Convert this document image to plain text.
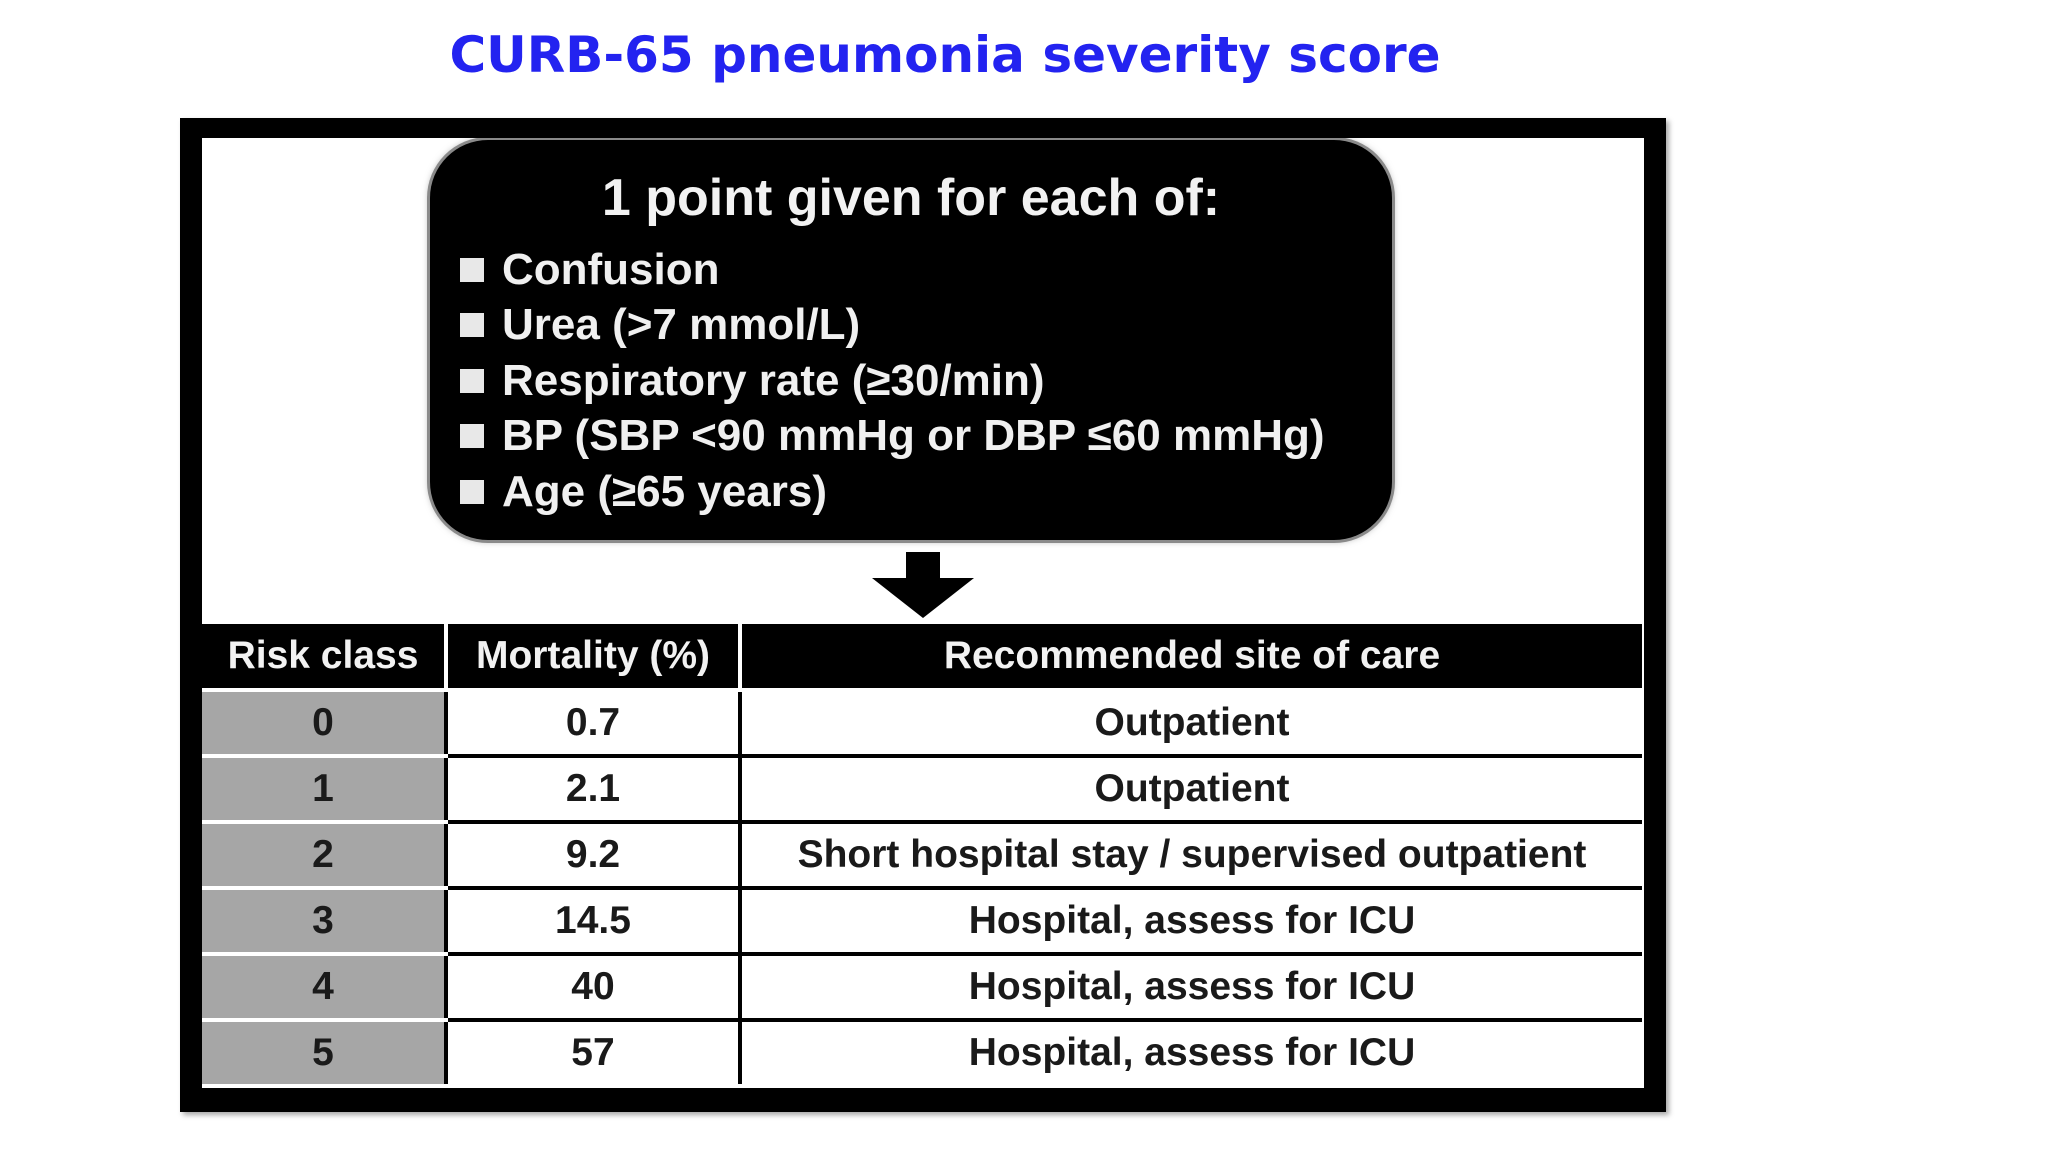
CURB-65 pneumonia severity score
1 point given for each of:
Confusion
Urea (>7 mmol/L)
Respiratory rate (≥30/min)
BP (SBP <90 mmHg or DBP ≤60 mmHg)
Age (≥65 years)
Risk class	Mortality (%)	Recommended site of care
0	0.7	Outpatient
1	2.1	Outpatient
2	9.2	Short hospital stay / supervised outpatient
3	14.5	Hospital, assess for ICU
4	40	Hospital, assess for ICU
5	57	Hospital, assess for ICU
